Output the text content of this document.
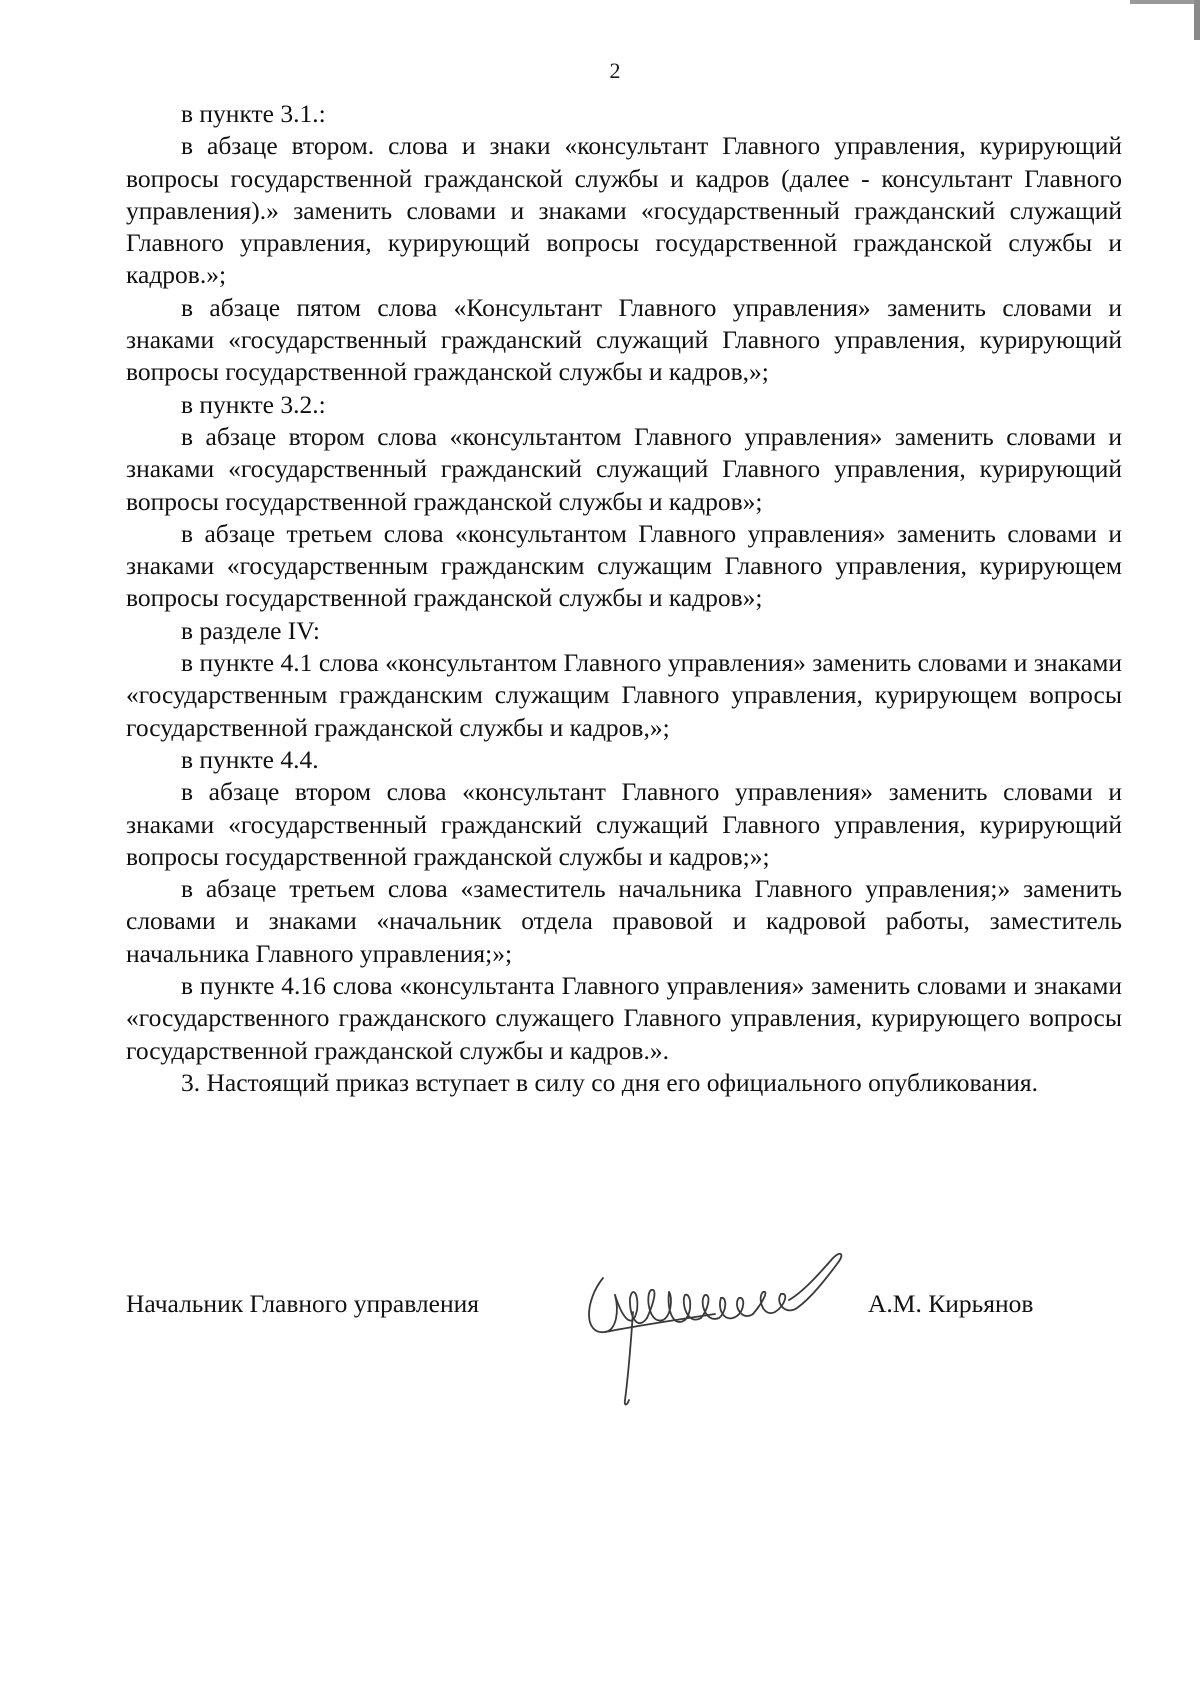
2

в пункте 3.1.:

в абзаце втором. слова и знаки «консультант Главного управления, курирующий вопросы государственной гражданской службы и кадров (далее - консультант Главного управления).» заменить словами и знаками «государственный гражданский служащий Главного управления, курирующий вопросы государственной гражданской службы и кадров.»;

в абзаце пятом слова «Консультант Главного управления» заменить словами и знаками «государственный гражданский служащий Главного управления, курирующий вопросы государственной гражданской службы и кадров,»;

в пункте 3.2.:

в абзаце втором слова «консультантом Главного управления» заменить словами и знаками «государственный гражданский служащий Главного управления, курирующий вопросы государственной гражданской службы и кадров»;

в абзаце третьем слова «консультантом Главного управления» заменить словами и знаками «государственным гражданским служащим Главного управления, курирующем вопросы государственной гражданской службы и кадров»;

в разделе IV:

в пункте 4.1 слова «консультантом Главного управления» заменить словами и знаками «государственным гражданским служащим Главного управления, курирующем вопросы государственной гражданской службы и кадров,»;

в пункте 4.4.

в абзаце втором слова «консультант Главного управления» заменить словами и знаками «государственный гражданский служащий Главного управления, курирующий вопросы государственной гражданской службы и кадров;»;

в абзаце третьем слова «заместитель начальника Главного управления;» заменить словами и знаками «начальник отдела правовой и кадровой работы, заместитель начальника Главного управления;»;

в пункте 4.16 слова «консультанта Главного управления» заменить словами и знаками «государственного гражданского служащего Главного управления, курирующего вопросы государственной гражданской службы и кадров.».

3. Настоящий приказ вступает в силу со дня его официального опубликования.

Начальник Главного управления	А.М. Кирьянов
